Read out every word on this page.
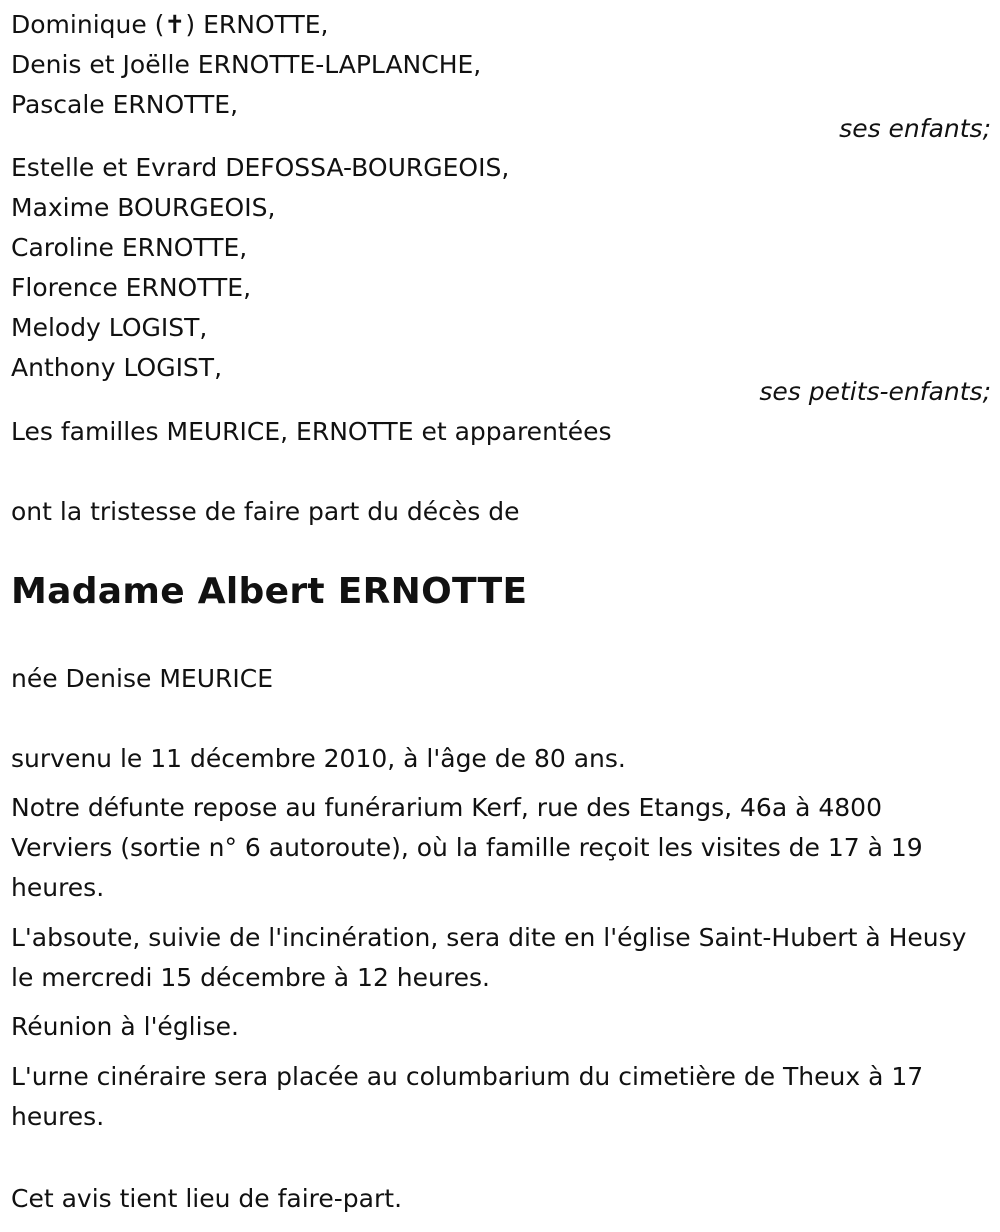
Dominique (✝) ERNOTTE,
Denis et Joëlle ERNOTTE-LAPLANCHE,
Pascale ERNOTTE,
ses enfants;
Estelle et Evrard DEFOSSA-BOURGEOIS,
Maxime BOURGEOIS,
Caroline ERNOTTE,
Florence ERNOTTE,
Melody LOGIST,
Anthony LOGIST,
ses petits-enfants;
Les familles MEURICE, ERNOTTE et apparentées
ont la tristesse de faire part du décès de
Madame Albert ERNOTTE
née Denise MEURICE
survenu le 11 décembre 2010, à l'âge de 80 ans.
Notre défunte repose au funérarium Kerf, rue des Etangs, 46a à 4800 Verviers (sortie n° 6 autoroute), où la famille reçoit les visites de 17 à 19 heures.
L'absoute, suivie de l'incinération, sera dite en l'église Saint-Hubert à Heusy le mercredi 15 décembre à 12 heures.
Réunion à l'église.
L'urne cinéraire sera placée au columbarium du cimetière de Theux à 17 heures.
Cet avis tient lieu de faire-part.
